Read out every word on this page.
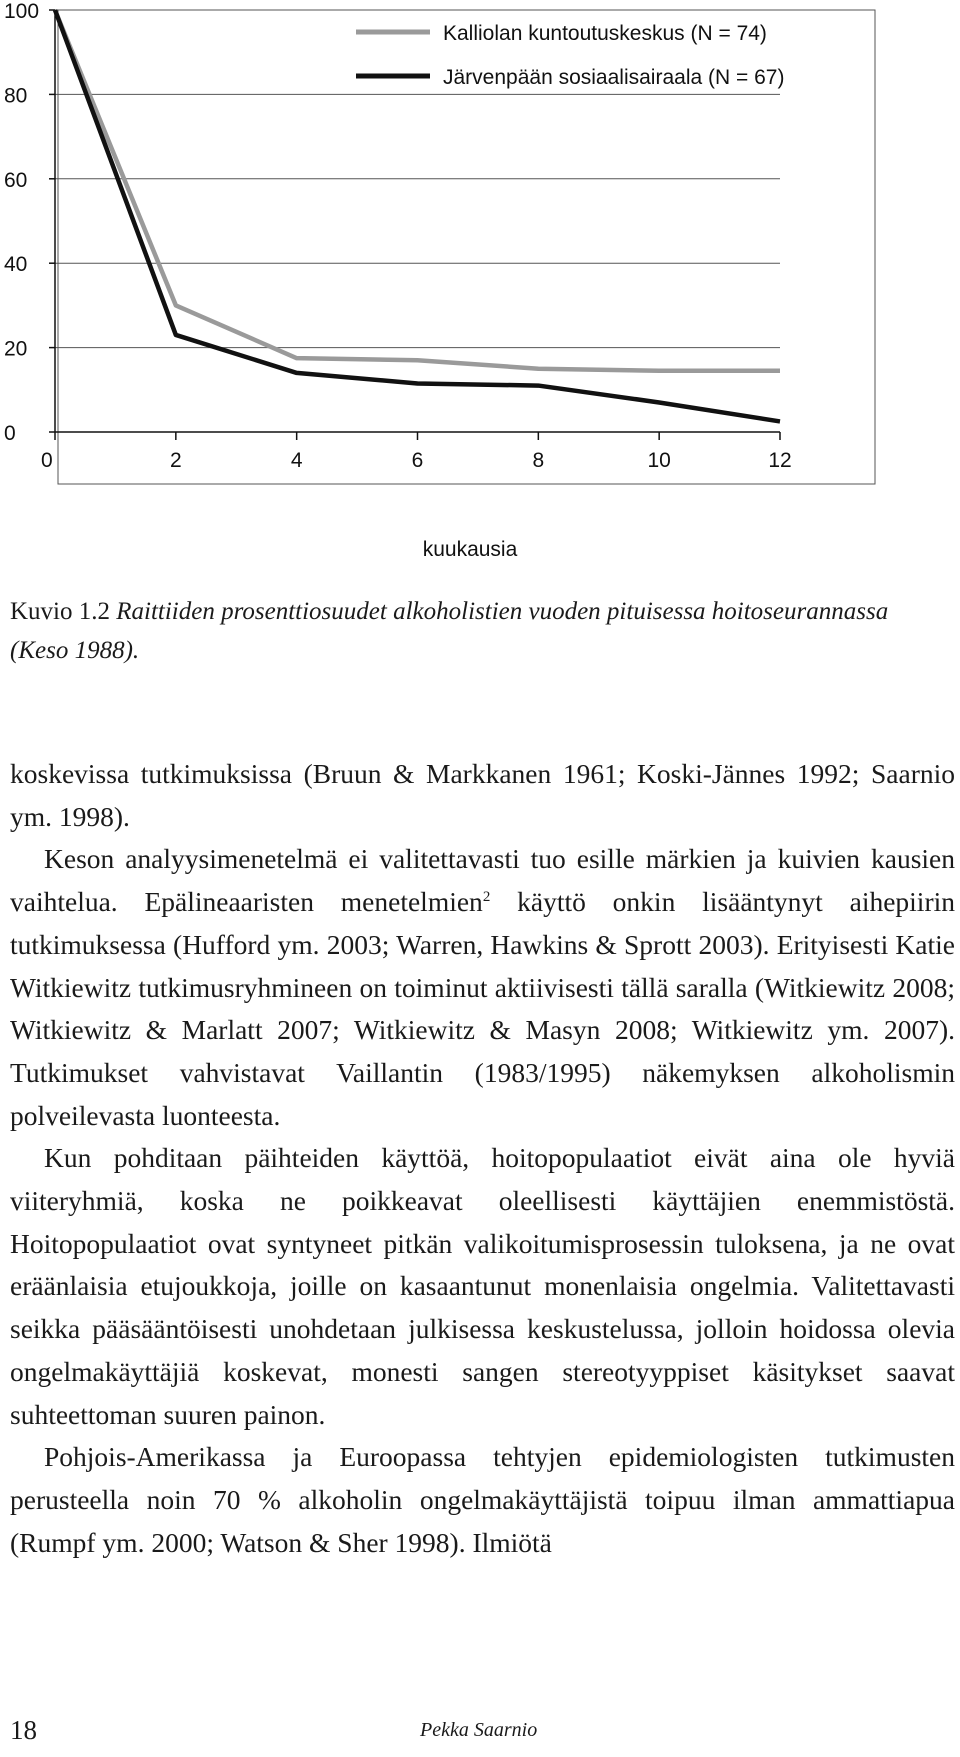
0
20
40
60
80
100
0	2	4	6	8	10	12
kuukausia
Kalliolan kuntoutuskeskus (N = 74)
Järvenpään sosiaalisairaala (N = 67)
Kuvio 1.2 Raittiiden prosenttiosuudet alkoholistien vuoden pituisessa hoitoseurannassa (Keso 1988).

koskevissa tutkimuksissa (Bruun & Markkanen 1961; Koski-Jännes 1992; Saarnio ym. 1998).

Keson analyysimenetelmä ei valitettavasti tuo esille märkien ja kuivien kausien vaihtelua. Epälineaaristen menetelmien$^2$ käyttö onkin lisääntynyt aihepiirin tutkimuksessa (Hufford ym. 2003; Warren, Hawkins & Sprott 2003). Erityisesti Katie Witkiewitz tutkimusryhmineen on toiminut aktiivisesti tällä saralla (Witkiewitz 2008; Witkiewitz & Marlatt 2007; Witkiewitz & Masyn 2008; Witkiewitz ym. 2007). Tutkimukset vahvistavat Vaillantin (1983/1995) näkemyksen alkoholismin polveilevasta luonteesta.

Kun pohditaan päihteiden käyttöä, hoitopopulaatiot eivät aina ole hyviä viiteryhmiä, koska ne poikkeavat oleellisesti käyttäjien enemmistöstä. Hoitopopulaatiot ovat syntyneet pitkän valikoitumisprosessin tuloksena, ja ne ovat eräänlaisia etujoukkoja, joille on kasaantunut monenlaisia ongelmia. Valitettavasti seikka pääsääntöisesti unohdetaan julkisessa keskustelussa, jolloin hoidossa olevia ongelmakäyttäjiä koskevat, monesti sangen stereotyyppiset käsitykset saavat suhteettoman suuren painon.

Pohjois-Amerikassa ja Euroopassa tehtyjen epidemiologisten tutkimusten perusteella noin 70 % alkoholin ongelmakäyttäjistä toipuu ilman ammattiapua (Rumpf ym. 2000; Watson & Sher 1998). Ilmiötä

18	Pekka Saarnio
